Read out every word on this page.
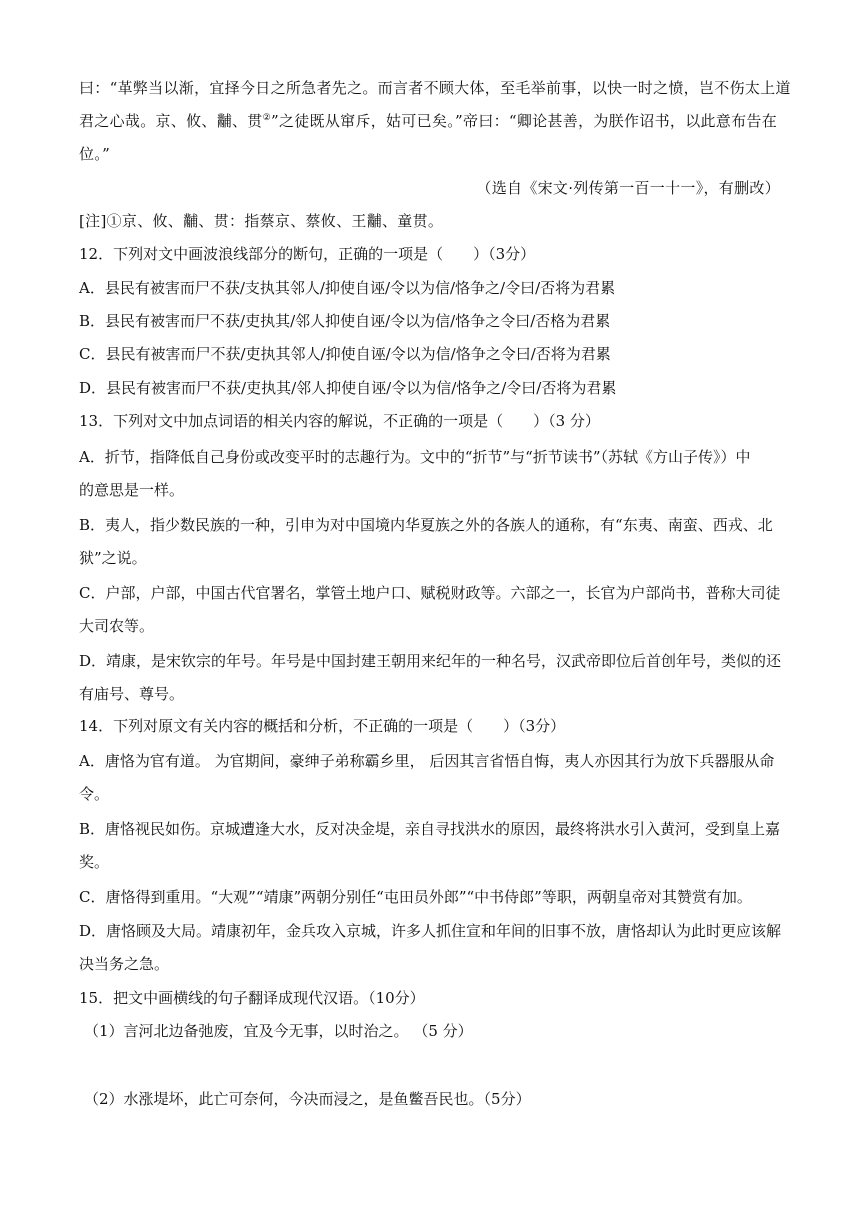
曰：“革弊当以渐，宜择今日之所急者先之。而言者不顾大体，至毛举前事，以快一时之愤，岂不伤太上道
君之心哉。京、攸、黼、贯②”之徒既从窜斥，姑可已矣。”帝曰：“卿论甚善，为朕作诏书，以此意布告在
位。”
（选自《宋文·列传第一百一十一》，有删改）
[注]①京、攸、黼、贯：指蔡京、蔡攸、王黼、童贯。
12．下列对文中画波浪线部分的断句，正确的一项是（　　）（3分）
A．县民有被害而尸不获/支执其邻人/抑使自诬/令以为信/恪争之/令曰/否将为君累
B．县民有被害而尸不获/吏执其/邻人抑使自诬/令以为信/恪争之令曰/否格为君累
C．县民有被害而尸不获/吏执其邻人/抑使自诬/令以为信/恪争之令曰/否将为君累
D．县民有被害而尸不获/吏执其/邻人抑使自诬/令以为信/恪争之/令曰/否将为君累
13．下列对文中加点词语的相关内容的解说，不正确的一项是（　　）（3 分）
A．折节，指降低自己身份或改变平时的志趣行为。文中的“折节”与“折节读书”（苏轼《方山子传》）中
的意思是一样。
B．夷人，指少数民族的一种，引申为对中国境内华夏族之外的各族人的通称，有“东夷、南蛮、西戎、北
狱”之说。
C．户部，户部，中国古代官署名，掌管土地户口、赋税财政等。六部之一，长官为户部尚书，普称大司徒
大司农等。
D．靖康，是宋钦宗的年号。年号是中国封建王朝用来纪年的一种名号，汉武帝即位后首创年号，类似的还
有庙号、尊号。
14．下列对原文有关内容的概括和分析，不正确的一项是（　　）（3分）
A．唐恪为官有道。 为官期间，豪绅子弟称霸乡里， 后因其言省悟自悔，夷人亦因其行为放下兵器服从命
令。
B．唐恪视民如伤。京城遭逢大水，反对决金堤，亲自寻找洪水的原因，最终将洪水引入黄河，受到皇上嘉
奖。
C．唐恪得到重用。“大观”“靖康”两朝分别任“屯田员外郎”“中书侍郎”等职，两朝皇帝对其赞赏有加。
D．唐恪顾及大局。靖康初年，金兵攻入京城，许多人抓住宣和年间的旧事不放，唐恪却认为此时更应该解
决当务之急。
15．把文中画横线的句子翻译成现代汉语。（10分）
（1）言河北边备弛废，宜及今无事，以时治之。 （5 分）
（2）水涨堤坏，此亡可奈何，今决而浸之，是鱼鳖吾民也。（5分）
